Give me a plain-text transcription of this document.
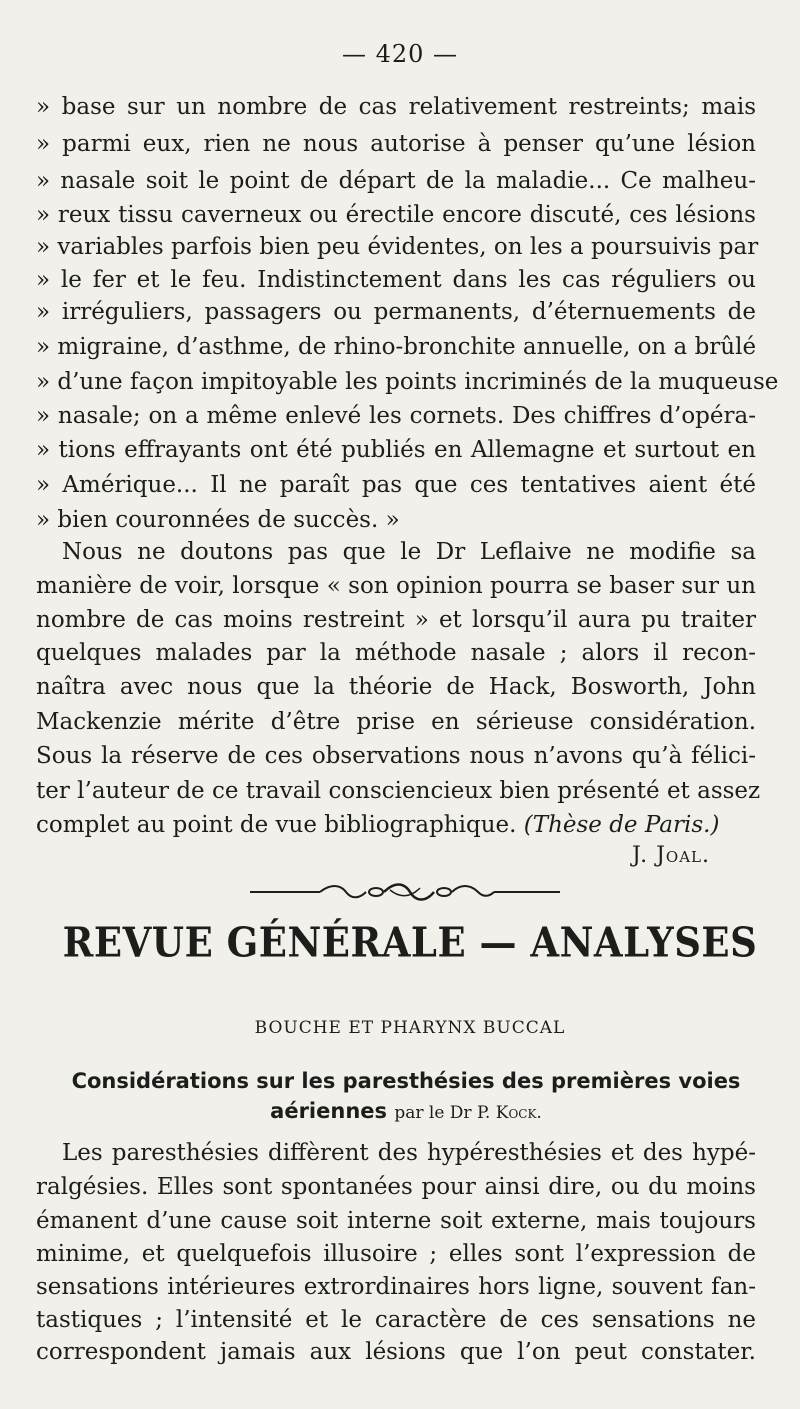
— 420 —
» base sur un nombre de cas relativement restreints; mais
» parmi eux, rien ne nous autorise à penser qu’une lésion
» nasale soit le point de départ de la maladie... Ce malheu-
» reux tissu caverneux ou érectile encore discuté, ces lésions
» variables parfois bien peu évidentes, on les a poursuivis par
» le fer et le feu. Indistinctement dans les cas réguliers ou
» irréguliers, passagers ou permanents, d’éternuements de
» migraine, d’asthme, de rhino-bronchite annuelle, on a brûlé
» d’une façon impitoyable les points incriminés de la muqueuse
» nasale; on a même enlevé les cornets. Des chiffres d’opéra-
» tions effrayants ont été publiés en Allemagne et surtout en
» Amérique... Il ne paraît pas que ces tentatives aient été
» bien couronnées de succès. »
Nous ne doutons pas que le Dr Leflaive ne modifie sa
manière de voir, lorsque « son opinion pourra se baser sur un
nombre de cas moins restreint » et lorsqu’il aura pu traiter
quelques malades par la méthode nasale ; alors il recon-
naîtra avec nous que la théorie de Hack, Bosworth, John
Mackenzie mérite d’être prise en sérieuse considération.
Sous la réserve de ces observations nous n’avons qu’à félici-
ter l’auteur de ce travail consciencieux bien présenté et assez
complet au point de vue bibliographique. (Thèse de Paris.)
J. Joal.
REVUE GÉNÉRALE — ANALYSES
BOUCHE ET PHARYNX BUCCAL
Considérations sur les paresthésies des premières voies
aériennes par le Dr P. Kock.
Les paresthésies diffèrent des hypéresthésies et des hypé-
ralgésies. Elles sont spontanées pour ainsi dire, ou du moins
émanent d’une cause soit interne soit externe, mais toujours
minime, et quelquefois illusoire ; elles sont l’expression de
sensations intérieures extrordinaires hors ligne, souvent fan-
tastiques ; l’intensité et le caractère de ces sensations ne
correspondent jamais aux lésions que l’on peut constater.
